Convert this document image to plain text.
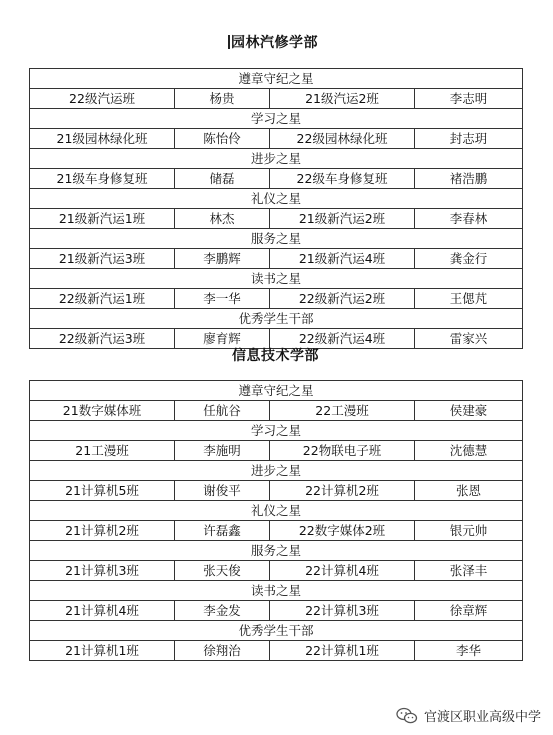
园林汽修学部
遵章守纪之星			
22级汽运班	杨贵	21级汽运2班	李志明
学习之星			
21级园林绿化班	陈怡伶	22级园林绿化班	封志玥
进步之星			
21级车身修复班	储磊	22级车身修复班	褚浩鹏
礼仪之星			
21级新汽运1班	林杰	21级新汽运2班	李春林
服务之星			
21级新汽运3班	李鹏辉	21级新汽运4班	龚金行
读书之星			
22级新汽运1班	李一华	22级新汽运2班	王偲芃
优秀学生干部			
22级新汽运3班	廖育辉	22级新汽运4班	雷家兴
信息技术学部
遵章守纪之星			
21数字媒体班	任航谷	22工漫班	侯建豪
学习之星			
21工漫班	李施明	22物联电子班	沈德慧
进步之星			
21计算机5班	谢俊平	22计算机2班	张恩
礼仪之星			
21计算机2班	许磊鑫	22数字媒体2班	银元帅
服务之星			
21计算机3班	张天俊	22计算机4班	张泽丰
读书之星			
21计算机4班	李金发	22计算机3班	徐章辉
优秀学生干部			
21计算机1班	徐翔治	22计算机1班	李华
官渡区职业高级中学
